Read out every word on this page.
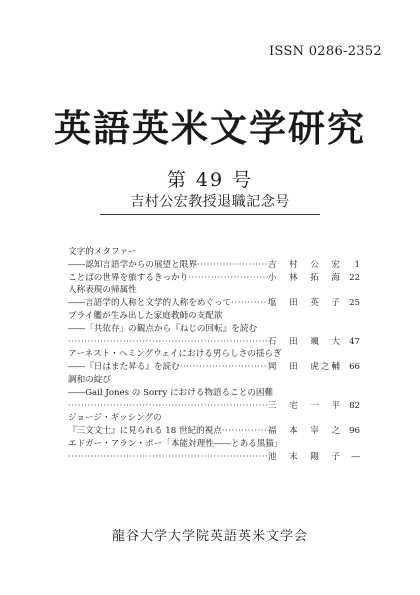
ISSN 0286-2352
英語英米文学研究
第 49 号
吉村公宏教授退職記念号
文字的メタファー
――認知言語学からの展望と限界 ·····	吉　村　公　宏	1
ことばの世界を旅するきっかり ·····	小　林　拓　海 22
人称表現の帰属性
――言語学的人称と文学的人称をめぐって ·····	塩　田　英　子 25
ブライ艦が生み出した家庭教師の支配欲
――「共依存」の観点から『ねじの回転』を読む
·····
石　田　颯　大 47
アーネスト・ヘミングウェイにおける男らしさの揺らぎ
――『日はまた昇る』を読む ·····	岡　田　虎之輔 66
調和の綻び
――Gail Jones の Sorry における物語ることの困難
·····
三　宅　一　平 82
ジョージ・ギッシングの
『三文文士』に見られる 18 世紀的視点 ·····	福　本　宰　之 96
エドガー・アラン・ポー「本能対理性――とある黒猫」
·····
池　末　陽　子	―
龍谷大学大学院英語英米文学会
